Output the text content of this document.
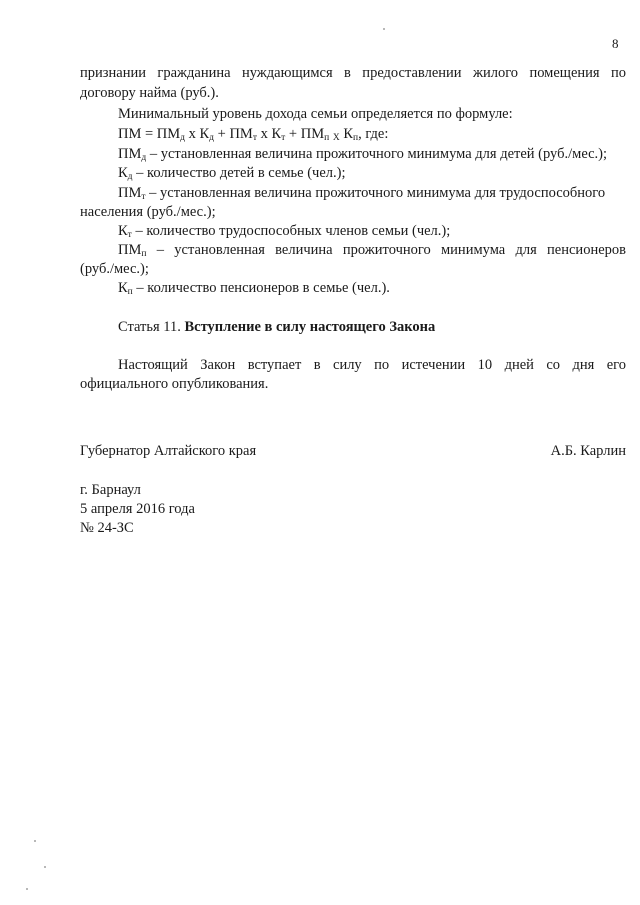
8
признании гражданина нуждающимся в предоставлении жилого помещения по
договору найма (руб.).
Минимальный уровень дохода семьи определяется по формуле:
ПМ = $ПМ_д$ x $К_д + ПМ_т$ x $К_т + ПМ_п$ $_X$ $К_п$, где:
$ПМ_д$ – установленная величина прожиточного минимума для детей (руб./мес.);
$К_д$ – количество детей в семье (чел.);
$ПМ_т$ – установленная величина прожиточного минимума для трудоспособного
населения (руб./мес.);
$К_т$ – количество трудоспособных членов семьи (чел.);
$ПМ_п$ – установленная величина прожиточного минимума для пенсионеров
(руб./мес.);
$К_п$ – количество пенсионеров в семье (чел.).
Статья 11. Вступление в силу настоящего Закона
Настоящий Закон вступает в силу по истечении 10 дней со дня его
официального опубликования.
Губернатор Алтайского края
г. Барнаул
5 апреля 2016 года
№ 24-ЗС
А.Б. Карлин
